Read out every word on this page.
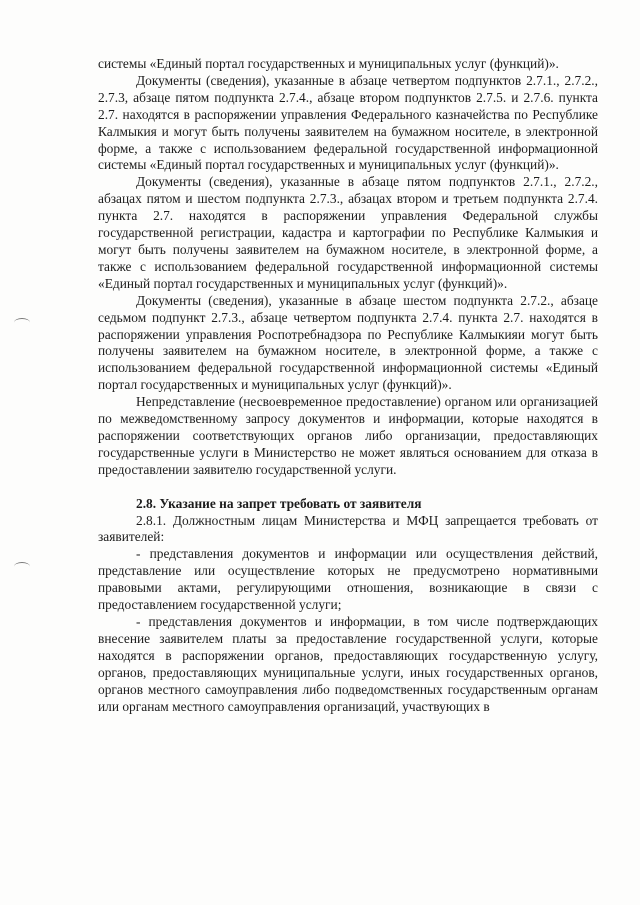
системы «Единый портал государственных и муниципальных услуг (функций)».

Документы (сведения), указанные в абзаце четвертом подпунктов 2.7.1., 2.7.2., 2.7.3, абзаце пятом подпункта 2.7.4., абзаце втором подпунктов 2.7.5. и 2.7.6. пункта 2.7. находятся в распоряжении управления Федерального казначейства по Республике Калмыкия и могут быть получены заявителем на бумажном носителе, в электронной форме, а также с использованием федеральной государственной информационной системы «Единый портал государственных и муниципальных услуг (функций)».

Документы (сведения), указанные в абзаце пятом подпунктов 2.7.1., 2.7.2., абзацах пятом и шестом подпункта 2.7.3., абзацах втором и третьем подпункта 2.7.4. пункта 2.7. находятся в распоряжении управления Федеральной службы государственной регистрации, кадастра и картографии по Республике Калмыкия и могут быть получены заявителем на бумажном носителе, в электронной форме, а также с использованием федеральной государственной информационной системы «Единый портал государственных и муниципальных услуг (функций)».

Документы (сведения), указанные в абзаце шестом подпункта 2.7.2., абзаце седьмом подпункт 2.7.3., абзаце четвертом подпункта 2.7.4. пункта 2.7. находятся в распоряжении управления Роспотребнадзора по Республике Калмыкияи могут быть получены заявителем на бумажном носителе, в электронной форме, а также с использованием федеральной государственной информационной системы «Единый портал государственных и муниципальных услуг (функций)».

Непредставление (несвоевременное предоставление) органом или организацией по межведомственному запросу документов и информации, которые находятся в распоряжении соответствующих органов либо организации, предоставляющих государственные услуги в Министерство не может являться основанием для отказа в предоставлении заявителю государственной услуги.

2.8. Указание на запрет требовать от заявителя

2.8.1. Должностным лицам Министерства и МФЦ запрещается требовать от заявителей:

- представления документов и информации или осуществления действий, представление или осуществление которых не предусмотрено нормативными правовыми актами, регулирующими отношения, возникающие в связи с предоставлением государственной услуги;

- представления документов и информации, в том числе подтверждающих внесение заявителем платы за предоставление государственной услуги, которые находятся в распоряжении органов, предоставляющих государственную услугу, органов, предоставляющих муниципальные услуги, иных государственных органов, органов местного самоуправления либо подведомственных государственным органам или органам местного самоуправления организаций, участвующих в
